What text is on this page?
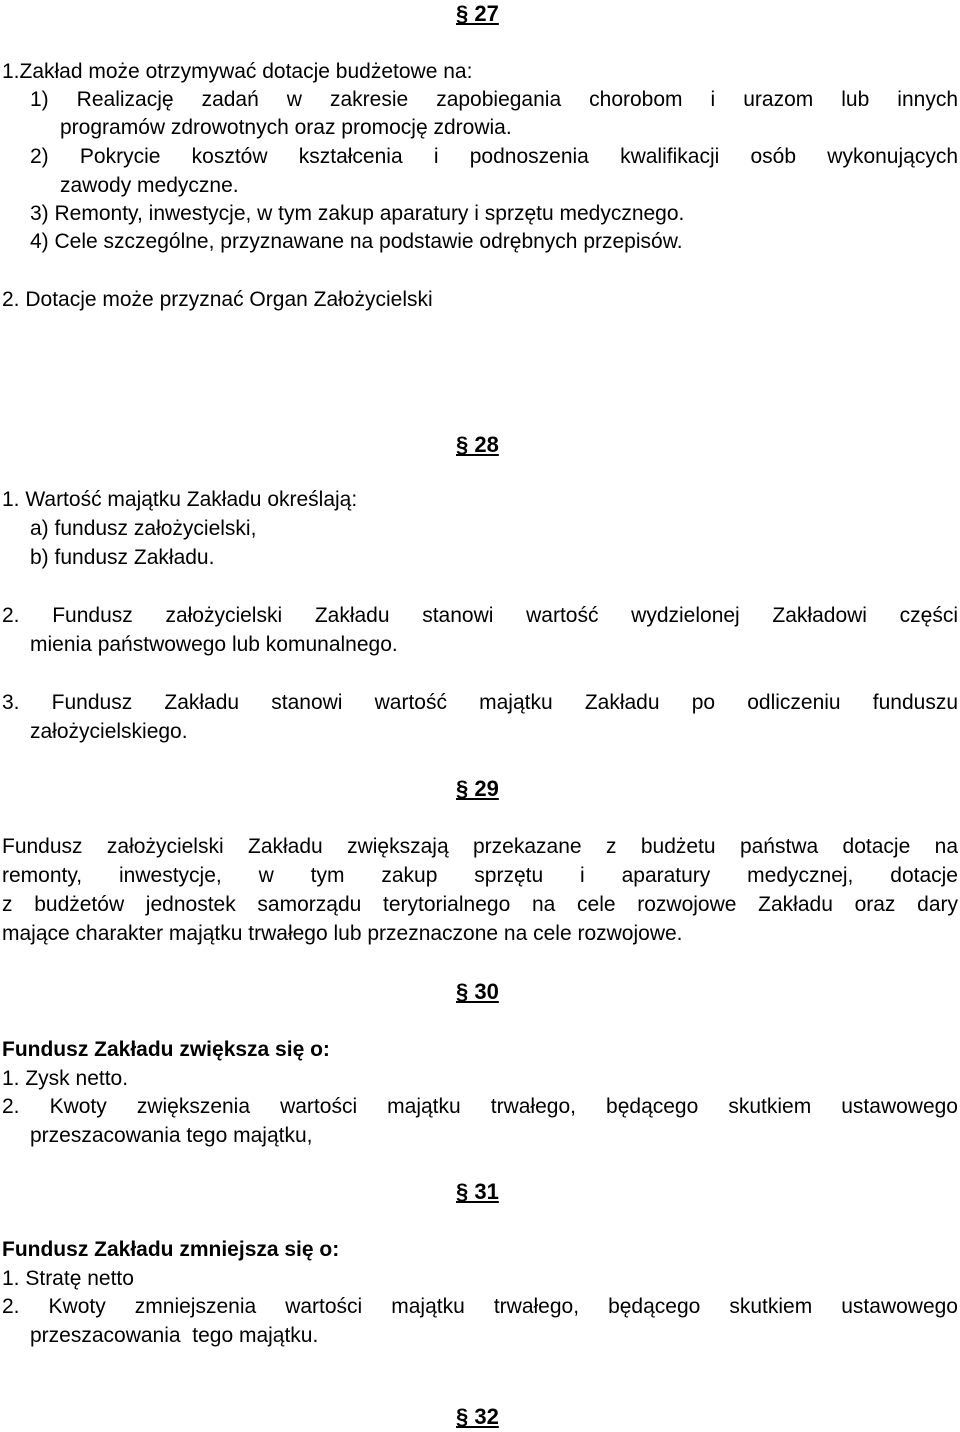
§ 27
1.Zakład może otrzymywać dotacje budżetowe na:
1) Realizację zadań w zakresie zapobiegania chorobom i urazom lub innych
programów zdrowotnych oraz promocję zdrowia.
2) Pokrycie kosztów kształcenia i podnoszenia kwalifikacji osób wykonujących
zawody medyczne.
3) Remonty, inwestycje, w tym zakup aparatury i sprzętu medycznego.
4) Cele szczególne, przyznawane na podstawie odrębnych przepisów.
2. Dotacje może przyznać Organ Założycielski
§ 28
1. Wartość majątku Zakładu określają:
a) fundusz założycielski,
b) fundusz Zakładu.
2. Fundusz założycielski Zakładu stanowi wartość wydzielonej Zakładowi części
mienia państwowego lub komunalnego.
3. Fundusz Zakładu stanowi wartość majątku Zakładu po odliczeniu funduszu
założycielskiego.
§ 29
Fundusz założycielski Zakładu zwiększają przekazane z budżetu państwa dotacje na
remonty, inwestycje, w tym zakup sprzętu i aparatury medycznej, dotacje
z budżetów jednostek samorządu terytorialnego na cele rozwojowe Zakładu oraz dary
mające charakter majątku trwałego lub przeznaczone na cele rozwojowe.
§ 30
Fundusz Zakładu zwiększa się o:
1. Zysk netto.
2. Kwoty zwiększenia wartości majątku trwałego, będącego skutkiem ustawowego
przeszacowania tego majątku,
§ 31
Fundusz Zakładu zmniejsza się o:
1. Stratę netto
2. Kwoty zmniejszenia wartości majątku trwałego, będącego skutkiem ustawowego
przeszacowania  tego majątku.
§ 32
